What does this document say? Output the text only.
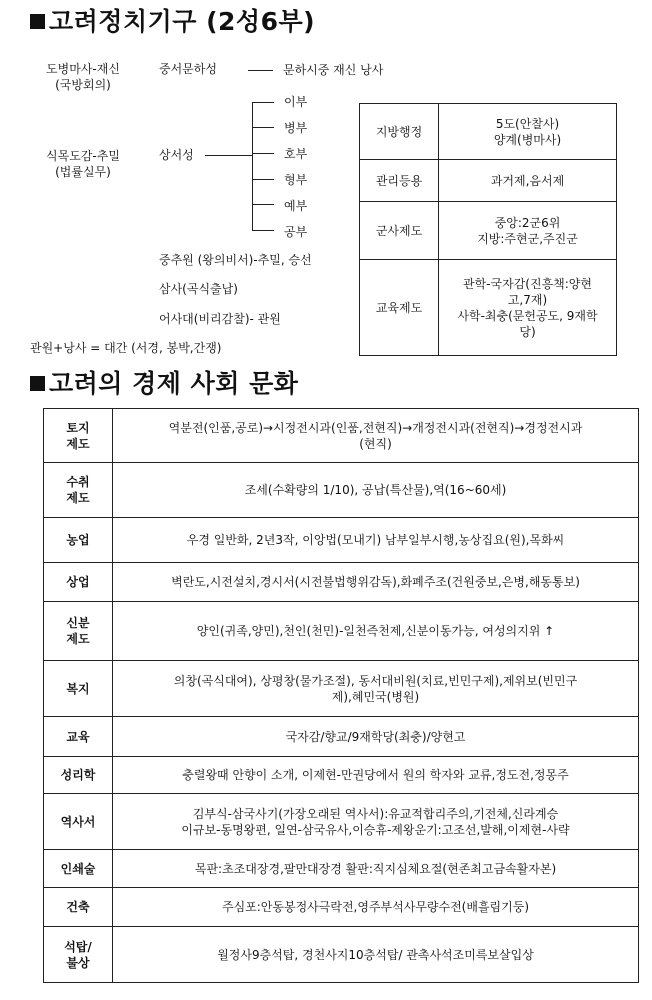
고려정치기구 (2성6부)
도병마사-재신
(국방회의)
중서문하성	문하시중 재신 낭사
식목도감-추밀
(법률실무)
상서성
이부
병부
호부
형부
예부
공부
중추원 (왕의비서)-추밀, 승선
삼사(곡식출납)
어사대(비리감찰)- 관원
관원+낭사 = 대간 (서경, 봉박,간쟁)
지방행정	5도(안찰사)
양계(병마사)
관리등용	과거제,음서제
군사제도	중앙:2군6위
지방:주현군,주진군
교육제도	관학-국자감(진흥책:양현
고,7재)
사학-최충(문헌공도, 9재학
당)
고려의 경제 사회 문화
토지
제도	역분전(인품,공로)→시정전시과(인품,전현직)→개정전시과(전현직)→경정전시과
(현직)
수취
제도	조세(수확량의 1/10), 공납(특산물),역(16~60세)
농업	우경 일반화, 2년3작, 이앙법(모내기) 남부일부시행,농상집요(원),목화씨
상업	벽란도,시전설치,경시서(시전불법행위감독),화폐주조(건원중보,은병,해동통보)
신분
제도	양인(귀족,양민),천인(천민)-일천즉천제,신분이동가능, 여성의지위 ↑
복지	의창(곡식대여), 상평창(물가조절), 동서대비원(치료,빈민구제),제위보(빈민구
제),혜민국(병원)
교육	국자감/향교/9재학당(최충)/양현고
성리학	충렬왕때 안향이 소개, 이제현-만권당에서 원의 학자와 교류,정도전,정몽주
역사서	김부식-삼국사기(가장오래된 역사서):유교적합리주의,기전체,신라계승
이규보-동명왕편, 일연-삼국유사,이승휴-제왕운기:고조선,발해,이제현-사략
인쇄술	목판:초조대장경,팔만대장경 활판:직지심체요절(현존최고금속활자본)
건축	주심포:안동봉정사극락전,영주부석사무량수전(배흘림기둥)
석탑/
불상	월정사9층석탑, 경천사지10층석탑/ 관촉사석조미륵보살입상
